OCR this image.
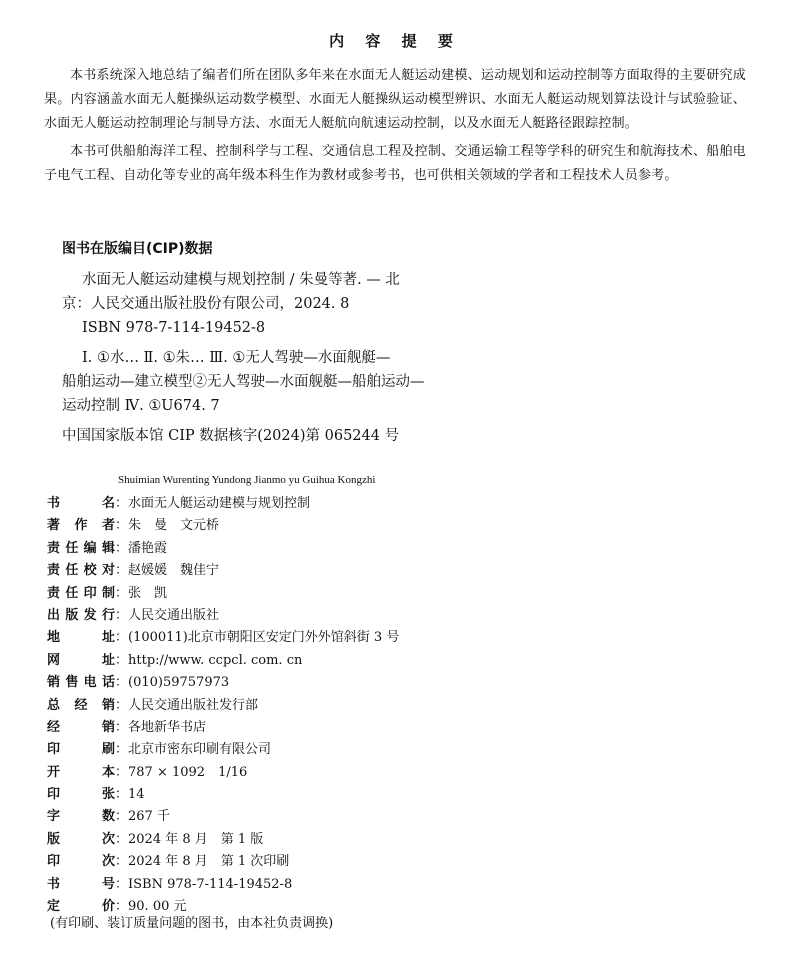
内 容 提 要

本书系统深入地总结了编者们所在团队多年来在水面无人艇运动建模、运动规划和运动控制等方面取得的主要研究成果。内容涵盖水面无人艇操纵运动数学模型、水面无人艇操纵运动模型辨识、水面无人艇运动规划算法设计与试验验证、水面无人艇运动控制理论与制导方法、水面无人艇航向航速运动控制，以及水面无人艇路径跟踪控制。

本书可供船舶海洋工程、控制科学与工程、交通信息工程及控制、交通运输工程等学科的研究生和航海技术、船舶电子电气工程、自动化等专业的高年级本科生作为教材或参考书，也可供相关领域的学者和工程技术人员参考。

图书在版编目(CIP)数据
水面无人艇运动建模与规划控制 / 朱曼等著. — 北
京：人民交通出版社股份有限公司，2024. 8
ISBN 978-7-114-19452-8
Ⅰ. ①水… Ⅱ. ①朱… Ⅲ. ①无人驾驶—水面舰艇—
船舶运动—建立模型②无人驾驶—水面舰艇—船舶运动—
运动控制 Ⅳ. ①U674. 7
中国国家版本馆 CIP 数据核字(2024)第 065244 号
Shuimian Wurenting Yundong Jianmo yu Guihua Kongzhi
书名：水面无人艇运动建模与规划控制
著作者：朱　曼　文元桥
责任编辑：潘艳霞
责任校对：赵媛媛　魏佳宁
责任印制：张　凯
出版发行：人民交通出版社
地址：(100011)北京市朝阳区安定门外外馆斜街 3 号
网址：http://www. ccpcl. com. cn
销售电话：(010)59757973
总经销：人民交通出版社发行部
经销：各地新华书店
印刷：北京市密东印刷有限公司
开本：787 × 1092　1/16
印张：14
字数：267 千
版次：2024 年 8 月　第 1 版
印次：2024 年 8 月　第 1 次印刷
书号：ISBN 978-7-114-19452-8
定价：90. 00 元
(有印刷、装订质量问题的图书，由本社负责调换)
